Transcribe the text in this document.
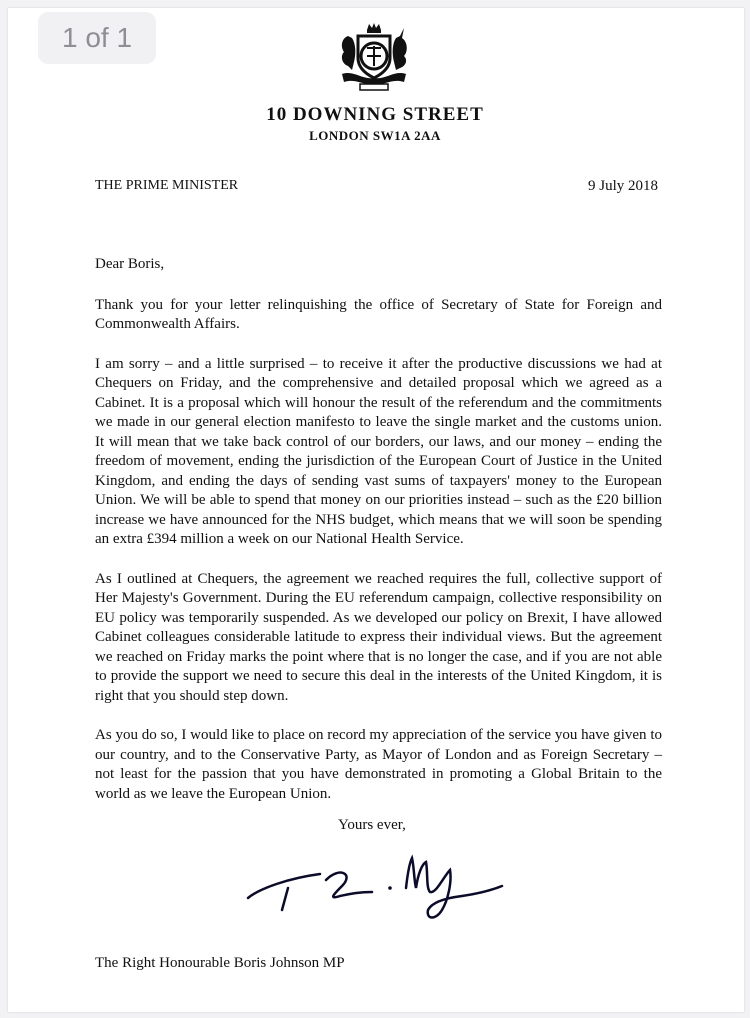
1 of 1
10 DOWNING STREET
LONDON SW1A 2AA
THE PRIME MINISTER	9 July 2018

Dear Boris,

Thank you for your letter relinquishing the office of Secretary of State for Foreign and Commonwealth Affairs.

I am sorry – and a little surprised – to receive it after the productive discussions we had at Chequers on Friday, and the comprehensive and detailed proposal which we agreed as a Cabinet. It is a proposal which will honour the result of the referendum and the commitments we made in our general election manifesto to leave the single market and the customs union. It will mean that we take back control of our borders, our laws, and our money – ending the freedom of movement, ending the jurisdiction of the European Court of Justice in the United Kingdom, and ending the days of sending vast sums of taxpayers' money to the European Union. We will be able to spend that money on our priorities instead – such as the £20 billion increase we have announced for the NHS budget, which means that we will soon be spending an extra £394 million a week on our National Health Service.

As I outlined at Chequers, the agreement we reached requires the full, collective support of Her Majesty's Government. During the EU referendum campaign, collective responsibility on EU policy was temporarily suspended. As we developed our policy on Brexit, I have allowed Cabinet colleagues considerable latitude to express their individual views. But the agreement we reached on Friday marks the point where that is no longer the case, and if you are not able to provide the support we need to secure this deal in the interests of the United Kingdom, it is right that you should step down.

As you do so, I would like to place on record my appreciation of the service you have given to our country, and to the Conservative Party, as Mayor of London and as Foreign Secretary – not least for the passion that you have demonstrated in promoting a Global Britain to the world as we leave the European Union.

Yours ever,
The Right Honourable Boris Johnson MP
